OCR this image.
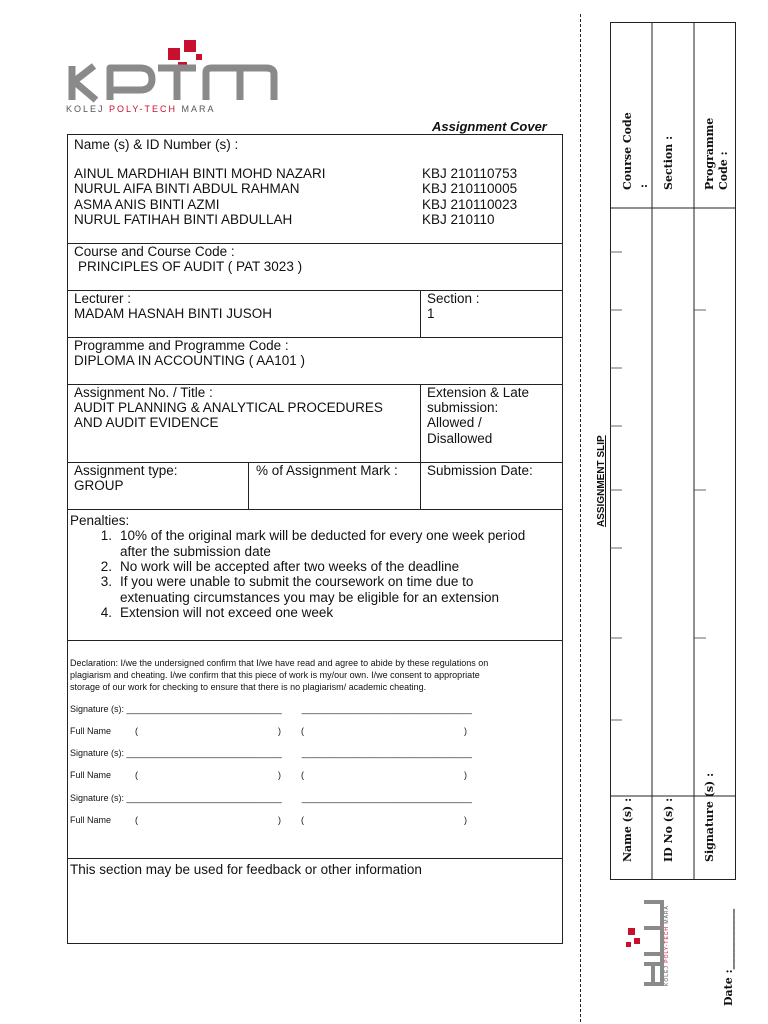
KOLEJ POLY-TECH MARA
Assignment Cover
Name (s) & ID Number (s) :
AINUL MARDHIAH BINTI MOHD NAZARI	KBJ 210110753
NURUL AIFA BINTI ABDUL RAHMAN	KBJ 210110005
ASMA ANIS BINTI AZMI	KBJ 210110023
NURUL FATIHAH BINTI ABDULLAH	KBJ 210110
Course and Course Code :
PRINCIPLES OF AUDIT ( PAT 3023 )
Lecturer :
MADAM HASNAH BINTI JUSOH
Section :
1
Programme and Programme Code :
DIPLOMA IN ACCOUNTING ( AA101 )
Assignment No. / Title :
AUDIT PLANNING & ANALYTICAL PROCEDURES
AND AUDIT EVIDENCE
Extension & Late
submission:
Allowed /
Disallowed
Assignment type:
GROUP
% of Assignment Mark : Submission Date:
Penalties:
1. 10% of the original mark will be deducted for every one week period
after the submission date
2. No work will be accepted after two weeks of the deadline
3. If you were unable to submit the coursework on time due to
extenuating circumstances you may be eligible for an extension
4. Extension will not exceed one week
Declaration: I/we the undersigned confirm that I/we have read and agree to abide by these regulations on
plagiarism and cheating. I/we confirm that this piece of work is my/our own. I/we consent to appropriate
storage of our work for checking to ensure that there is no plagiarism/ academic cheating.
Signature (s): _______________________________ __________________________________
Full Name	(	) (	)
Signature (s): _______________________________ __________________________________
Full Name	(	) (	)
Signature (s): _______________________________ __________________________________
Full Name	(	) (	)
This section may be used for feedback or other information
ASSIGNMENT SLIP
Course Code : Section :	Programme Code :
Name (s) :	ID No (s) :	Signature (s) :
KOLEJ POLY-TECH MARA
Date :___________
